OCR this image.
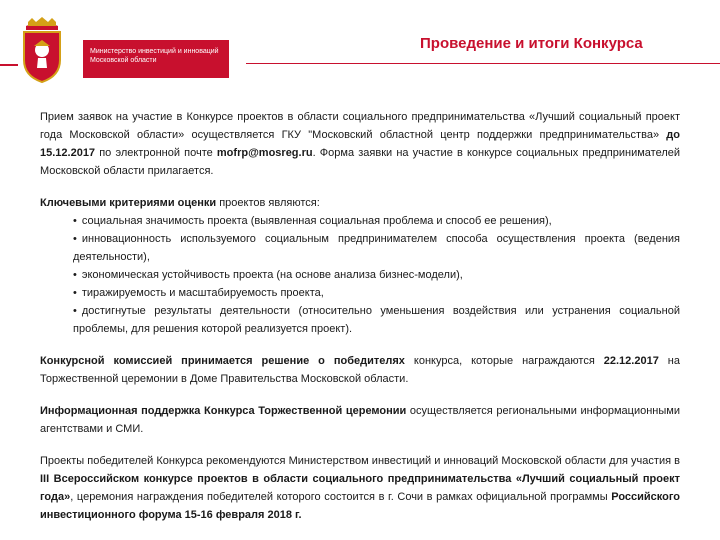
Министерство инвестиций и инноваций
Московской области
Проведение и итоги Конкурса

Прием заявок на участие в Конкурсе проектов в области социального предпринимательства «Лучший социальный проект года Московской области» осуществляется ГКУ "Московский областной центр поддержки предпринимательства» до 15.12.2017 по электронной почте mofrp@mosreg.ru. Форма заявки на участие в конкурсе социальных предпринимателей Московской области прилагается.

Ключевыми критериями оценки проектов являются:

• социальная значимость проекта (выявленная социальная проблема и способ ее решения),
• инновационность используемого социальным предпринимателем способа осуществления проекта (ведения деятельности),
• экономическая устойчивость проекта (на основе анализа бизнес-модели),
• тиражируемость и масштабируемость проекта,
• достигнутые результаты деятельности (относительно уменьшения воздействия или устранения социальной проблемы, для решения которой реализуется проект).

Конкурсной комиссией принимается решение о победителях конкурса, которые награждаются 22.12.2017 на Торжественной церемонии в Доме Правительства Московской области.

Информационная поддержка Конкурса Торжественной церемонии осуществляется региональными информационными агентствами и СМИ.

Проекты победителей Конкурса рекомендуются Министерством инвестиций и инноваций Московской области для участия в III Всероссийском конкурсе проектов в области социального предпринимательства «Лучший социальный проект года», церемония награждения победителей которого состоится в г. Сочи в рамках официальной программы Российского инвестиционного форума 15-16 февраля 2018 г.
